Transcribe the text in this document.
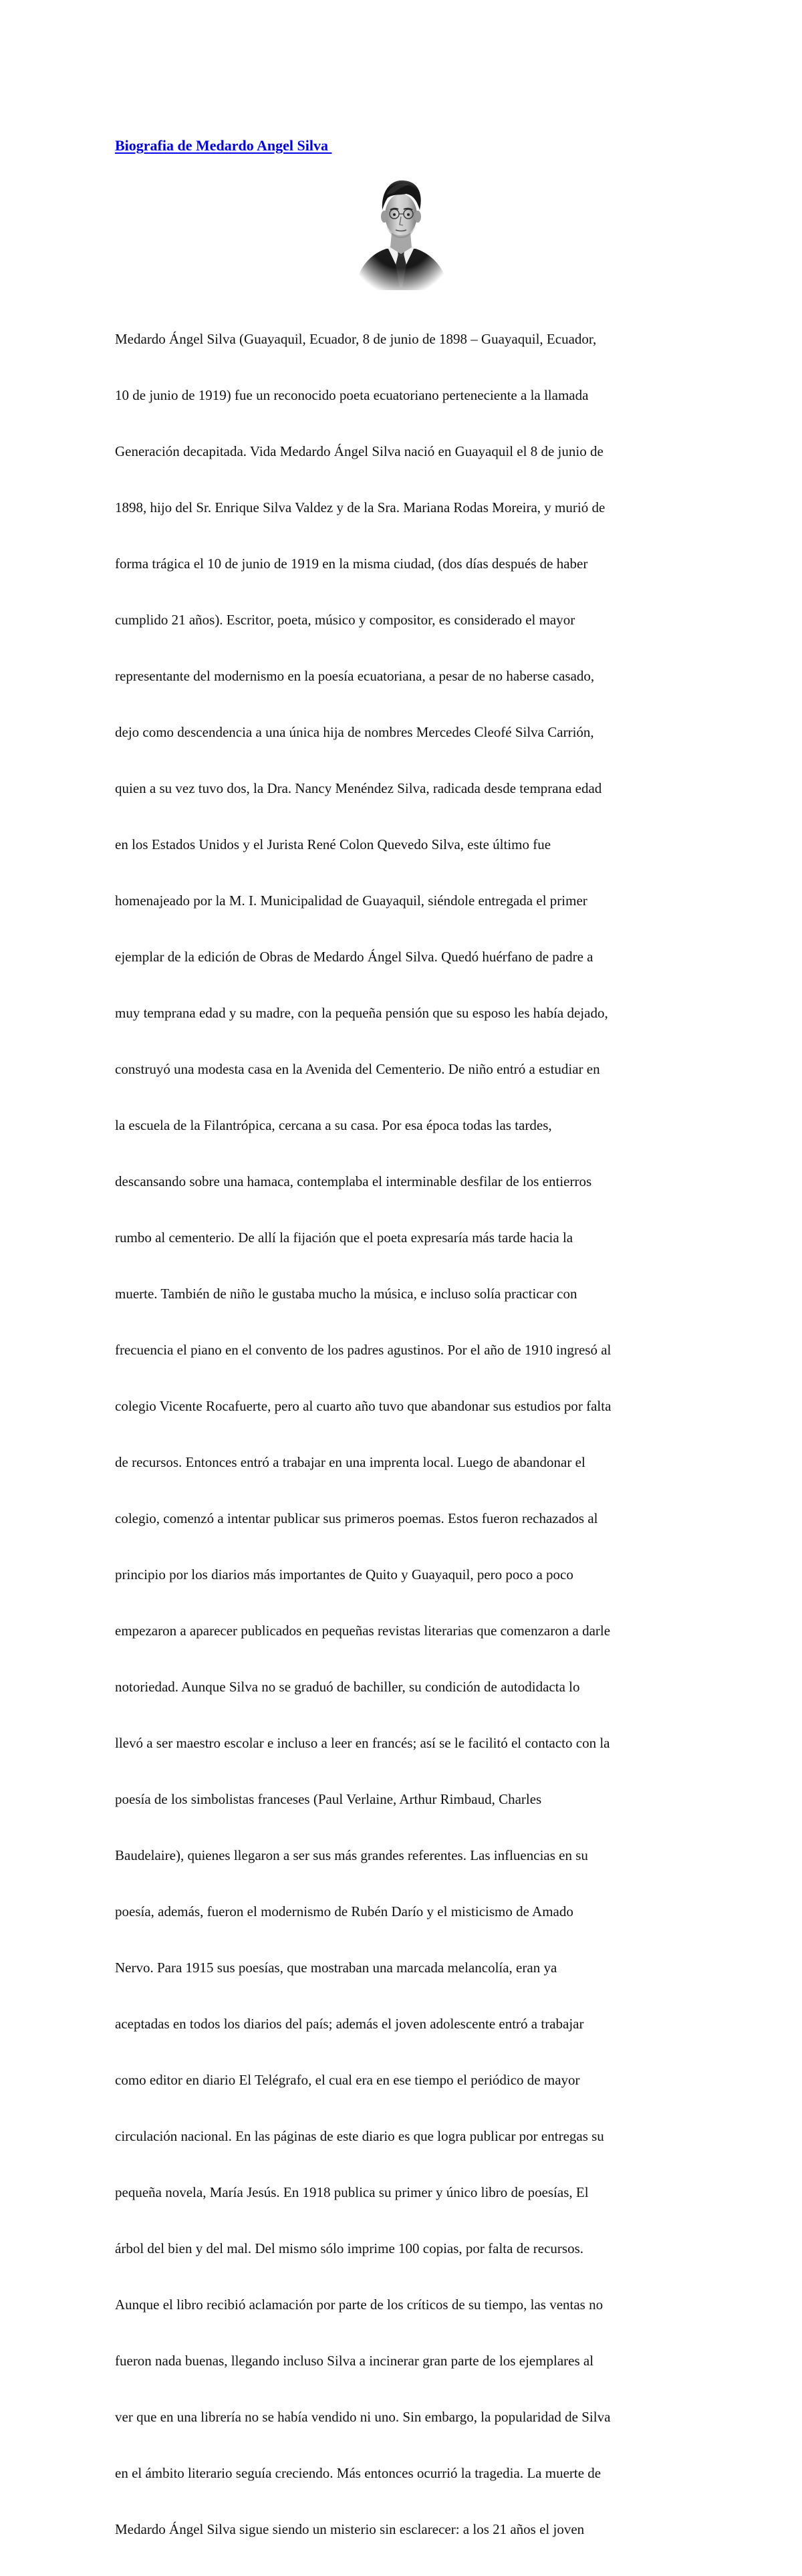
Biografia de Medardo Angel Silva

Medardo Ángel Silva (Guayaquil, Ecuador, 8 de junio de 1898 – Guayaquil, Ecuador,

10 de junio de 1919) fue un reconocido poeta ecuatoriano perteneciente a la llamada

Generación decapitada. Vida Medardo Ángel Silva nació en Guayaquil el 8 de junio de

1898, hijo del Sr. Enrique Silva Valdez y de la Sra. Mariana Rodas Moreira, y murió de

forma trágica el 10 de junio de 1919 en la misma ciudad, (dos días después de haber

cumplido 21 años). Escritor, poeta, músico y compositor, es considerado el mayor

representante del modernismo en la poesía ecuatoriana, a pesar de no haberse casado,

dejo como descendencia a una única hija de nombres Mercedes Cleofé Silva Carrión,

quien a su vez tuvo dos, la Dra. Nancy Menéndez Silva, radicada desde temprana edad

en los Estados Unidos y el Jurista René Colon Quevedo Silva, este último fue

homenajeado por la M. I. Municipalidad de Guayaquil, siéndole entregada el primer

ejemplar de la edición de Obras de Medardo Ángel Silva. Quedó huérfano de padre a

muy temprana edad y su madre, con la pequeña pensión que su esposo les había dejado,

construyó una modesta casa en la Avenida del Cementerio. De niño entró a estudiar en

la escuela de la Filantrópica, cercana a su casa. Por esa época todas las tardes,

descansando sobre una hamaca, contemplaba el interminable desfilar de los entierros

rumbo al cementerio. De allí la fijación que el poeta expresaría más tarde hacia la

muerte. También de niño le gustaba mucho la música, e incluso solía practicar con

frecuencia el piano en el convento de los padres agustinos. Por el año de 1910 ingresó al

colegio Vicente Rocafuerte, pero al cuarto año tuvo que abandonar sus estudios por falta

de recursos. Entonces entró a trabajar en una imprenta local. Luego de abandonar el

colegio, comenzó a intentar publicar sus primeros poemas. Estos fueron rechazados al

principio por los diarios más importantes de Quito y Guayaquil, pero poco a poco

empezaron a aparecer publicados en pequeñas revistas literarias que comenzaron a darle

notoriedad. Aunque Silva no se graduó de bachiller, su condición de autodidacta lo

llevó a ser maestro escolar e incluso a leer en francés; así se le facilitó el contacto con la

poesía de los simbolistas franceses (Paul Verlaine, Arthur Rimbaud, Charles

Baudelaire), quienes llegaron a ser sus más grandes referentes. Las influencias en su

poesía, además, fueron el modernismo de Rubén Darío y el misticismo de Amado

Nervo. Para 1915 sus poesías, que mostraban una marcada melancolía, eran ya

aceptadas en todos los diarios del país; además el joven adolescente entró a trabajar

como editor en diario El Telégrafo, el cual era en ese tiempo el periódico de mayor

circulación nacional. En las páginas de este diario es que logra publicar por entregas su

pequeña novela, María Jesús. En 1918 publica su primer y único libro de poesías, El

árbol del bien y del mal. Del mismo sólo imprime 100 copias, por falta de recursos.

Aunque el libro recibió aclamación por parte de los críticos de su tiempo, las ventas no

fueron nada buenas, llegando incluso Silva a incinerar gran parte de los ejemplares al

ver que en una librería no se había vendido ni uno. Sin embargo, la popularidad de Silva

en el ámbito literario seguía creciendo. Más entonces ocurrió la tragedia. La muerte de

Medardo Ángel Silva sigue siendo un misterio sin esclarecer: a los 21 años el joven
